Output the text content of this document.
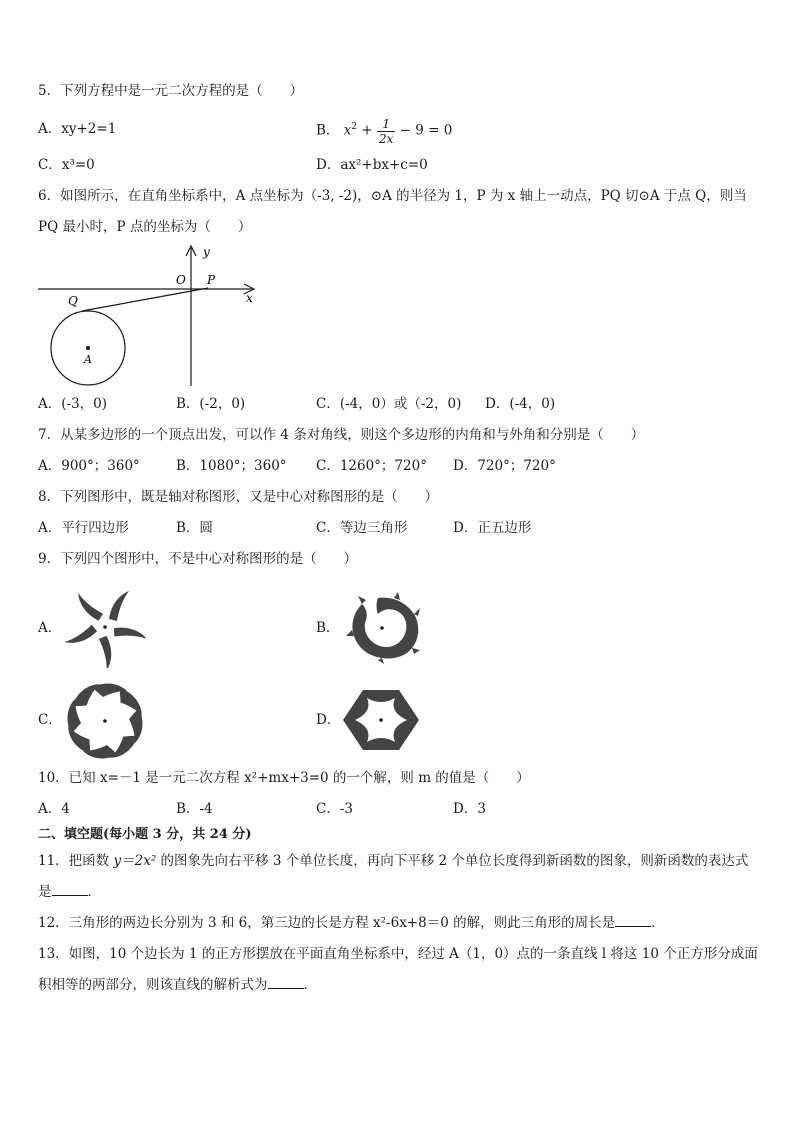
5．下列方程中是一元二次方程的是（　　）
A．xy+2=1	B． $x^2 + \frac{1}{2x} - 9 = 0$
C．x³=0	D．ax²+bx+c=0
6．如图所示，在直角坐标系中，A 点坐标为（-3, -2)，⊙A 的半径为 1，P 为 x 轴上一动点，PQ 切⊙A 于点 Q，则当
PQ 最小时，P 点的坐标为（　　）
y
O P
x
Q
A
A．(-3，0)	B．(-2，0)	C．(-4，0）或（-2，0) D．(-4，0)
7．从某多边形的一个顶点出发，可以作 4 条对角线，则这个多边形的内角和与外角和分别是（　　）
A．900°；360°	B．1080°；360° C．1260°；720° D．720°；720°
8．下列图形中，既是轴对称图形，又是中心对称图形的是（　　）
A．平行四边形	B．圆	C．等边三角形	D．正五边形
9．下列四个图形中，不是中心对称图形的是（　　）
A．	B．
C．	D．
10．已知 x=－1 是一元二次方程 x²+mx+3=0 的一个解，则 m 的值是（　　）
A．4	B．-4	C．-3	D．3
二、填空题(每小题 3 分，共 24 分)
11．把函数 y＝2x² 的图象先向右平移 3 个单位长度，再向下平移 2 个单位长度得到新函数的图象，则新函数的表达式
是	．
12．三角形的两边长分别为 3 和 6，第三边的长是方程 x²-6x+8＝0 的解，则此三角形的周长是	．
13．如图，10 个边长为 1 的正方形摆放在平面直角坐标系中，经过 A（1，0）点的一条直线 l 将这 10 个正方形分成面
积相等的两部分，则该直线的解析式为	．
